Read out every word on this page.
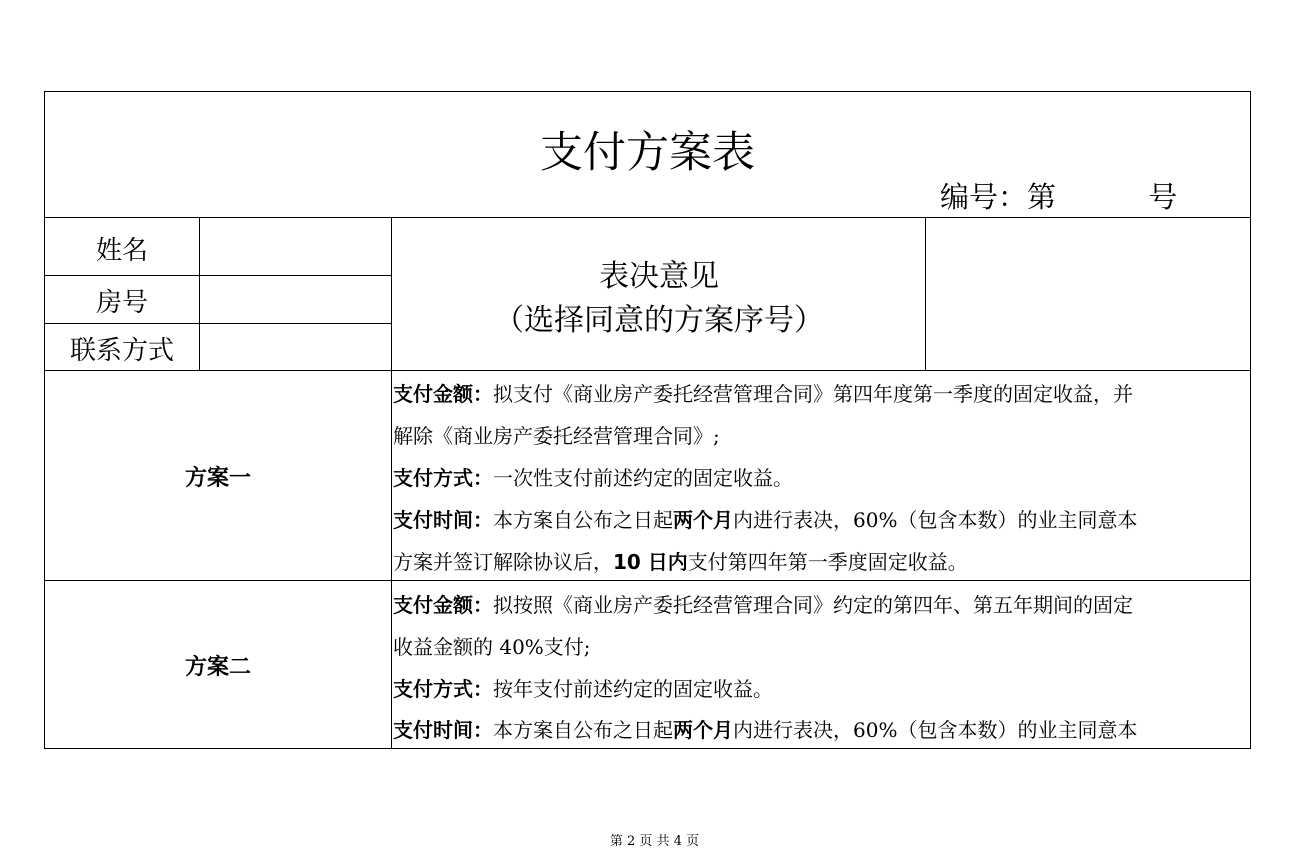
支付方案表
编号：第	号
姓名
房号
联系方式
表决意见
（选择同意的方案序号）
方案一
支付金额：拟支付《商业房产委托经营管理合同》第四年度第一季度的固定收益，并
解除《商业房产委托经营管理合同》;
支付方式：一次性支付前述约定的固定收益。
支付时间：本方案自公布之日起两个月内进行表决，60%（包含本数）的业主同意本
方案并签订解除协议后，10 日内支付第四年第一季度固定收益。
方案二
支付金额：拟按照《商业房产委托经营管理合同》约定的第四年、第五年期间的固定
收益金额的 40%支付;
支付方式：按年支付前述约定的固定收益。
支付时间：本方案自公布之日起两个月内进行表决，60%（包含本数）的业主同意本
第 2 页 共 4 页
